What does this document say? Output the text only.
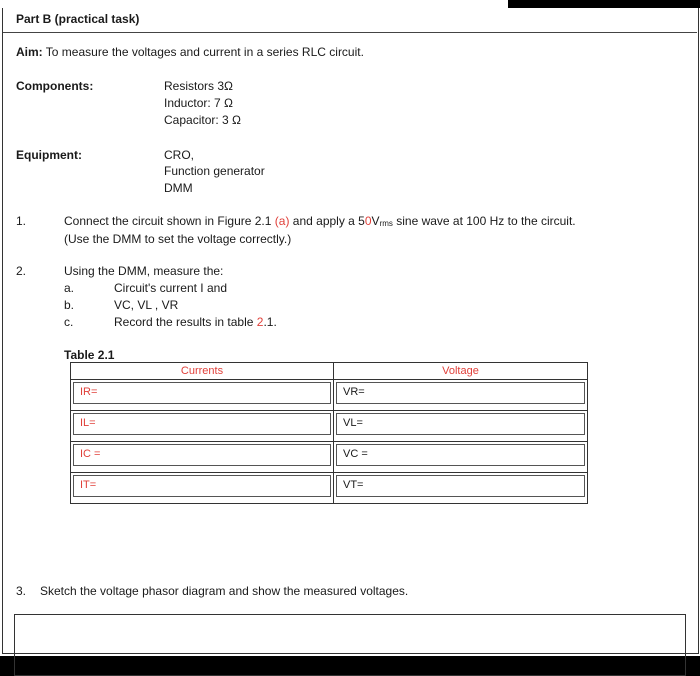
Part B (practical task)
Aim: To measure the voltages and current in a series RLC circuit.
Components:	Resistors 3Ω
Inductor: 7 Ω
Capacitor: 3 Ω
Equipment:	CRO,
Function generator
DMM
1.	Connect the circuit shown in Figure 2.1 (a) and apply a $50V_{rms}$ sine wave at 100 Hz to the circuit.
(Use the DMM to set the voltage correctly.)
2.	Using the DMM, measure the:
a.	Circuit's current I and
b.	VC, VL , VR
c.	Record the results in table 2.1.
Table 2.1
Currents	Voltage

IR=	VR=

IL=	VL=

IC =	VC =

IT=	VT=
3. Sketch the voltage phasor diagram and show the measured voltages.
